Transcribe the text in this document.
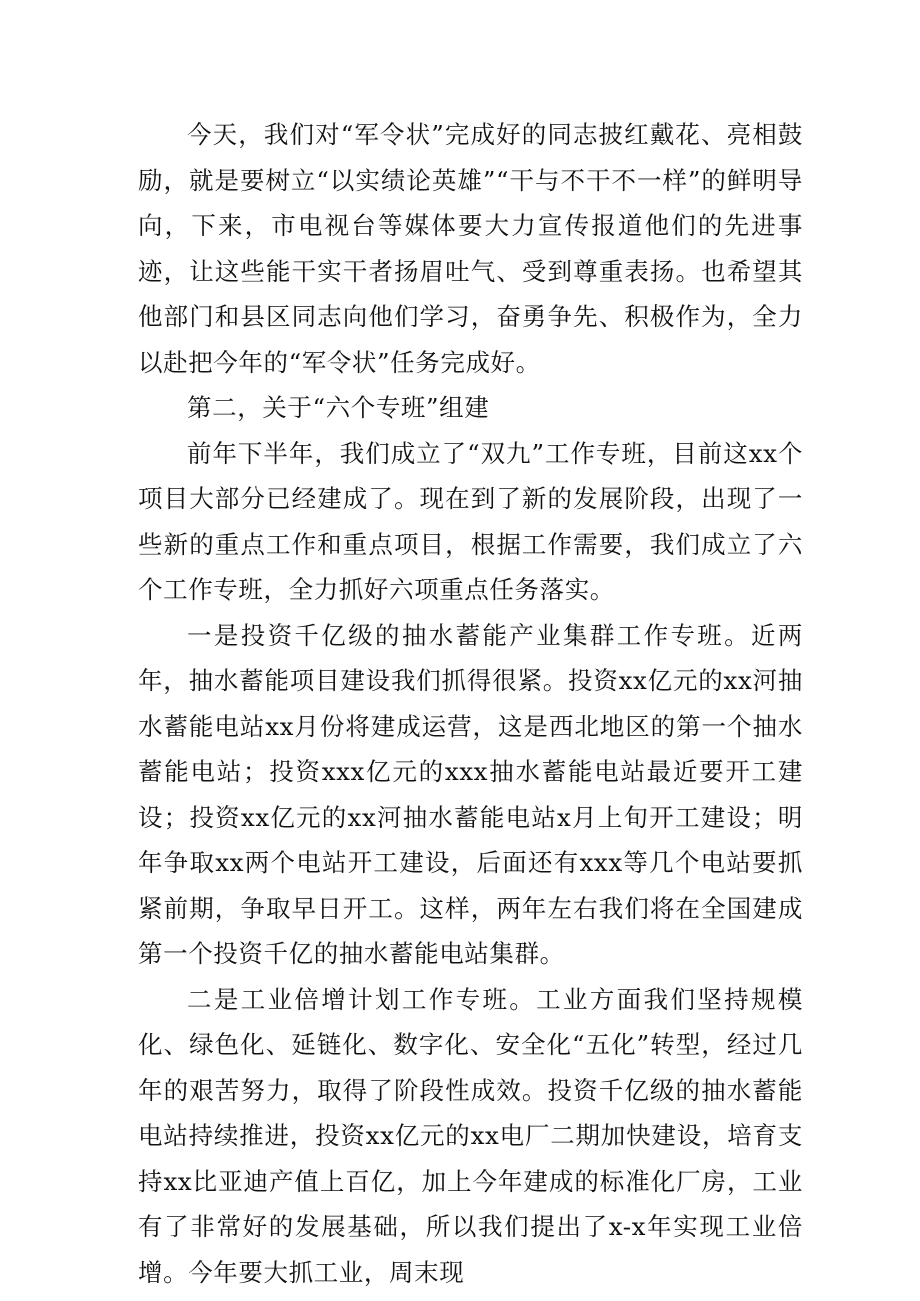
今天，我们对“军令状”完成好的同志披红戴花、亮相鼓励，就是要树立“以实绩论英雄”“干与不干不一样”的鲜明导向，下来，市电视台等媒体要大力宣传报道他们的先进事迹，让这些能干实干者扬眉吐气、受到尊重表扬。也希望其他部门和县区同志向他们学习，奋勇争先、积极作为，全力以赴把今年的“军令状”任务完成好。

第二，关于“六个专班”组建

前年下半年，我们成立了“双九”工作专班，目前这xx个项目大部分已经建成了。现在到了新的发展阶段，出现了一些新的重点工作和重点项目，根据工作需要，我们成立了六个工作专班，全力抓好六项重点任务落实。

一是投资千亿级的抽水蓄能产业集群工作专班。近两年，抽水蓄能项目建设我们抓得很紧。投资xx亿元的xx河抽水蓄能电站xx月份将建成运营，这是西北地区的第一个抽水蓄能电站；投资xxx亿元的xxx抽水蓄能电站最近要开工建设；投资xx亿元的xx河抽水蓄能电站x月上旬开工建设；明年争取xx两个电站开工建设，后面还有xxx等几个电站要抓紧前期，争取早日开工。这样，两年左右我们将在全国建成第一个投资千亿的抽水蓄能电站集群。

二是工业倍增计划工作专班。工业方面我们坚持规模化、绿色化、延链化、数字化、安全化“五化”转型，经过几年的艰苦努力，取得了阶段性成效。投资千亿级的抽水蓄能电站持续推进，投资xx亿元的xx电厂二期加快建设，培育支持xx比亚迪产值上百亿，加上今年建成的标准化厂房，工业有了非常好的发展基础，所以我们提出了x-x年实现工业倍增。今年要大抓工业，周末现
